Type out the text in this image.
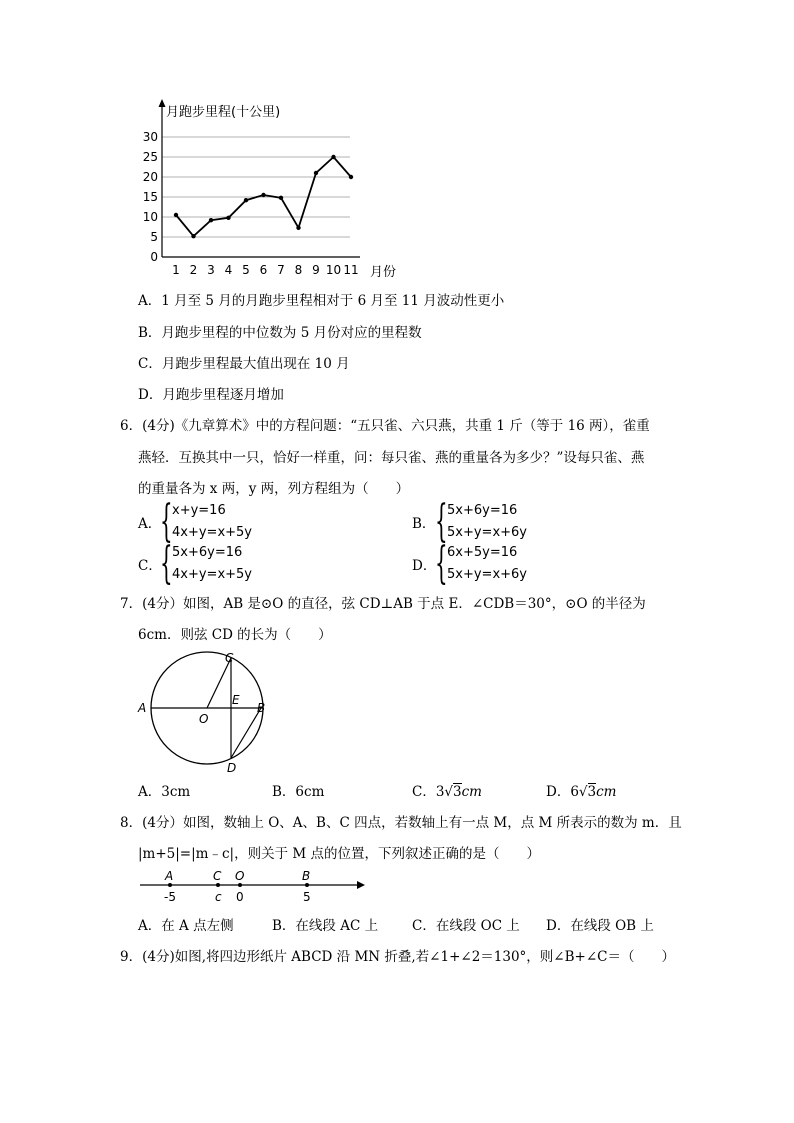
0
5
10
15
20
25
30
月跑步里程(十公里)
1 2 3 4 5 6 7 8 9 10 11 月份
A．1 月至 5 月的月跑步里程相对于 6 月至 11 月波动性更小
B．月跑步里程的中位数为 5 月份对应的里程数
C．月跑步里程最大值出现在 10 月
D．月跑步里程逐月增加
6．(4分)《九章算术》中的方程问题：“五只雀、六只燕，共重 1 斤（等于 16 两），雀重
燕轻．互换其中一只，恰好一样重，问：每只雀、燕的重量各为多少？”设每只雀、燕
的重量各为 x 两，y 两，列方程组为（　　）
A．
{ x+y=16
4x+y=x+5y
B． { 5x+6y=16
5x+y=x+6y
C．
{ 5x+6y=16
4x+y=x+5y
D．
{ 6x+5y=16
5x+y=x+6y
7．(4分）如图，AB 是⊙O 的直径，弦 CD⊥AB 于点 E．∠CDB＝30°，⊙O 的半径为
6cm．则弦 CD 的长为（　　）
A	B
C
D
E
O
A．3cm	B．6cm	C．3√3cm	D．6√3cm
8．(4分）如图，数轴上 O、A、B、C 四点，若数轴上有一点 M，点 M 所表示的数为 m．且
|m+5|=|m﹣c|，则关于 M 点的位置，下列叙述正确的是（　　）
A	C O	B
-5	c 0	5
A．在 A 点左侧	B．在线段 AC 上	C．在线段 OC 上 D．在线段 OB 上
9．(4分)如图,将四边形纸片 ABCD 沿 MN 折叠,若∠1+∠2＝130°，则∠B+∠C＝（　　）
